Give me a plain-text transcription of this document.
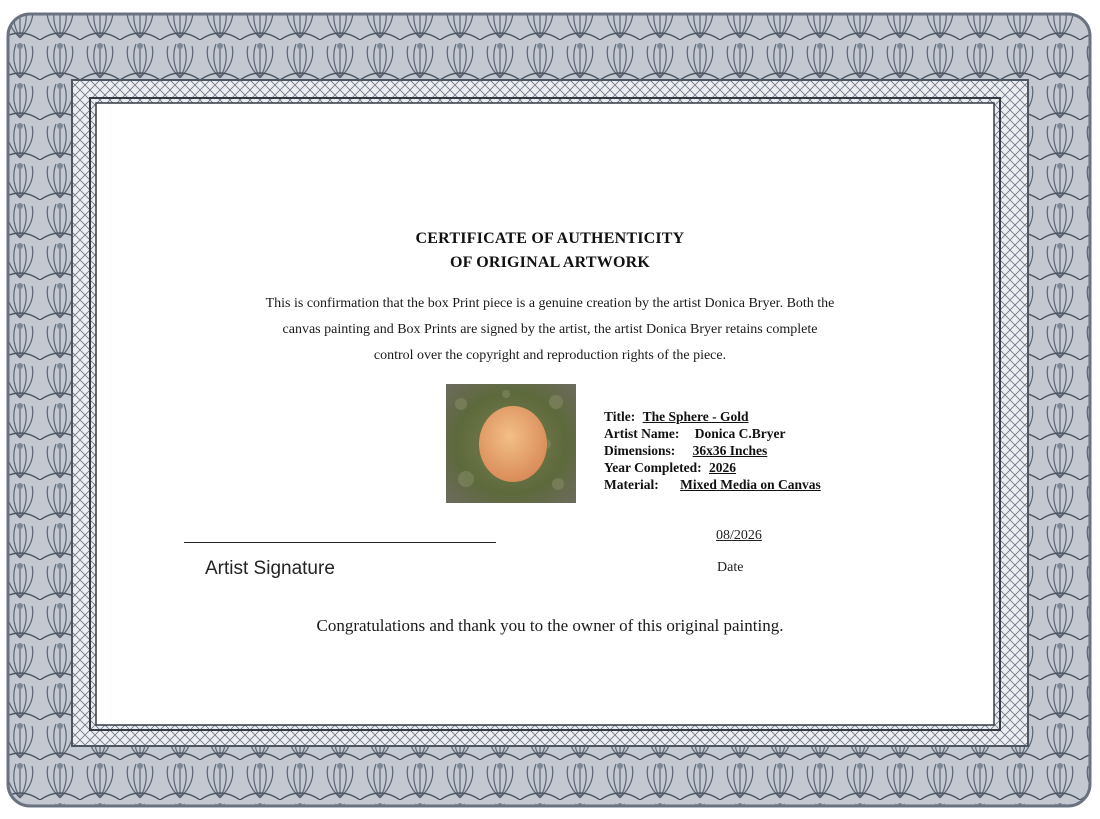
CERTIFICATE OF AUTHENTICITY
OF ORIGINAL ARTWORK
This is confirmation that the box Print piece is a genuine creation by the artist Donica Bryer. Both the
canvas painting and Box Prints are signed by the artist, the artist Donica Bryer retains complete
control over the copyright and reproduction rights of the piece.
Title: The Sphere - Gold
Artist Name: Donica C.Bryer
Dimensions: 36x36 Inches
Year Completed: 2026
Material: Mixed Media on Canvas
Artist Signature
08/2026
Date
Congratulations and thank you to the owner of this original painting.
